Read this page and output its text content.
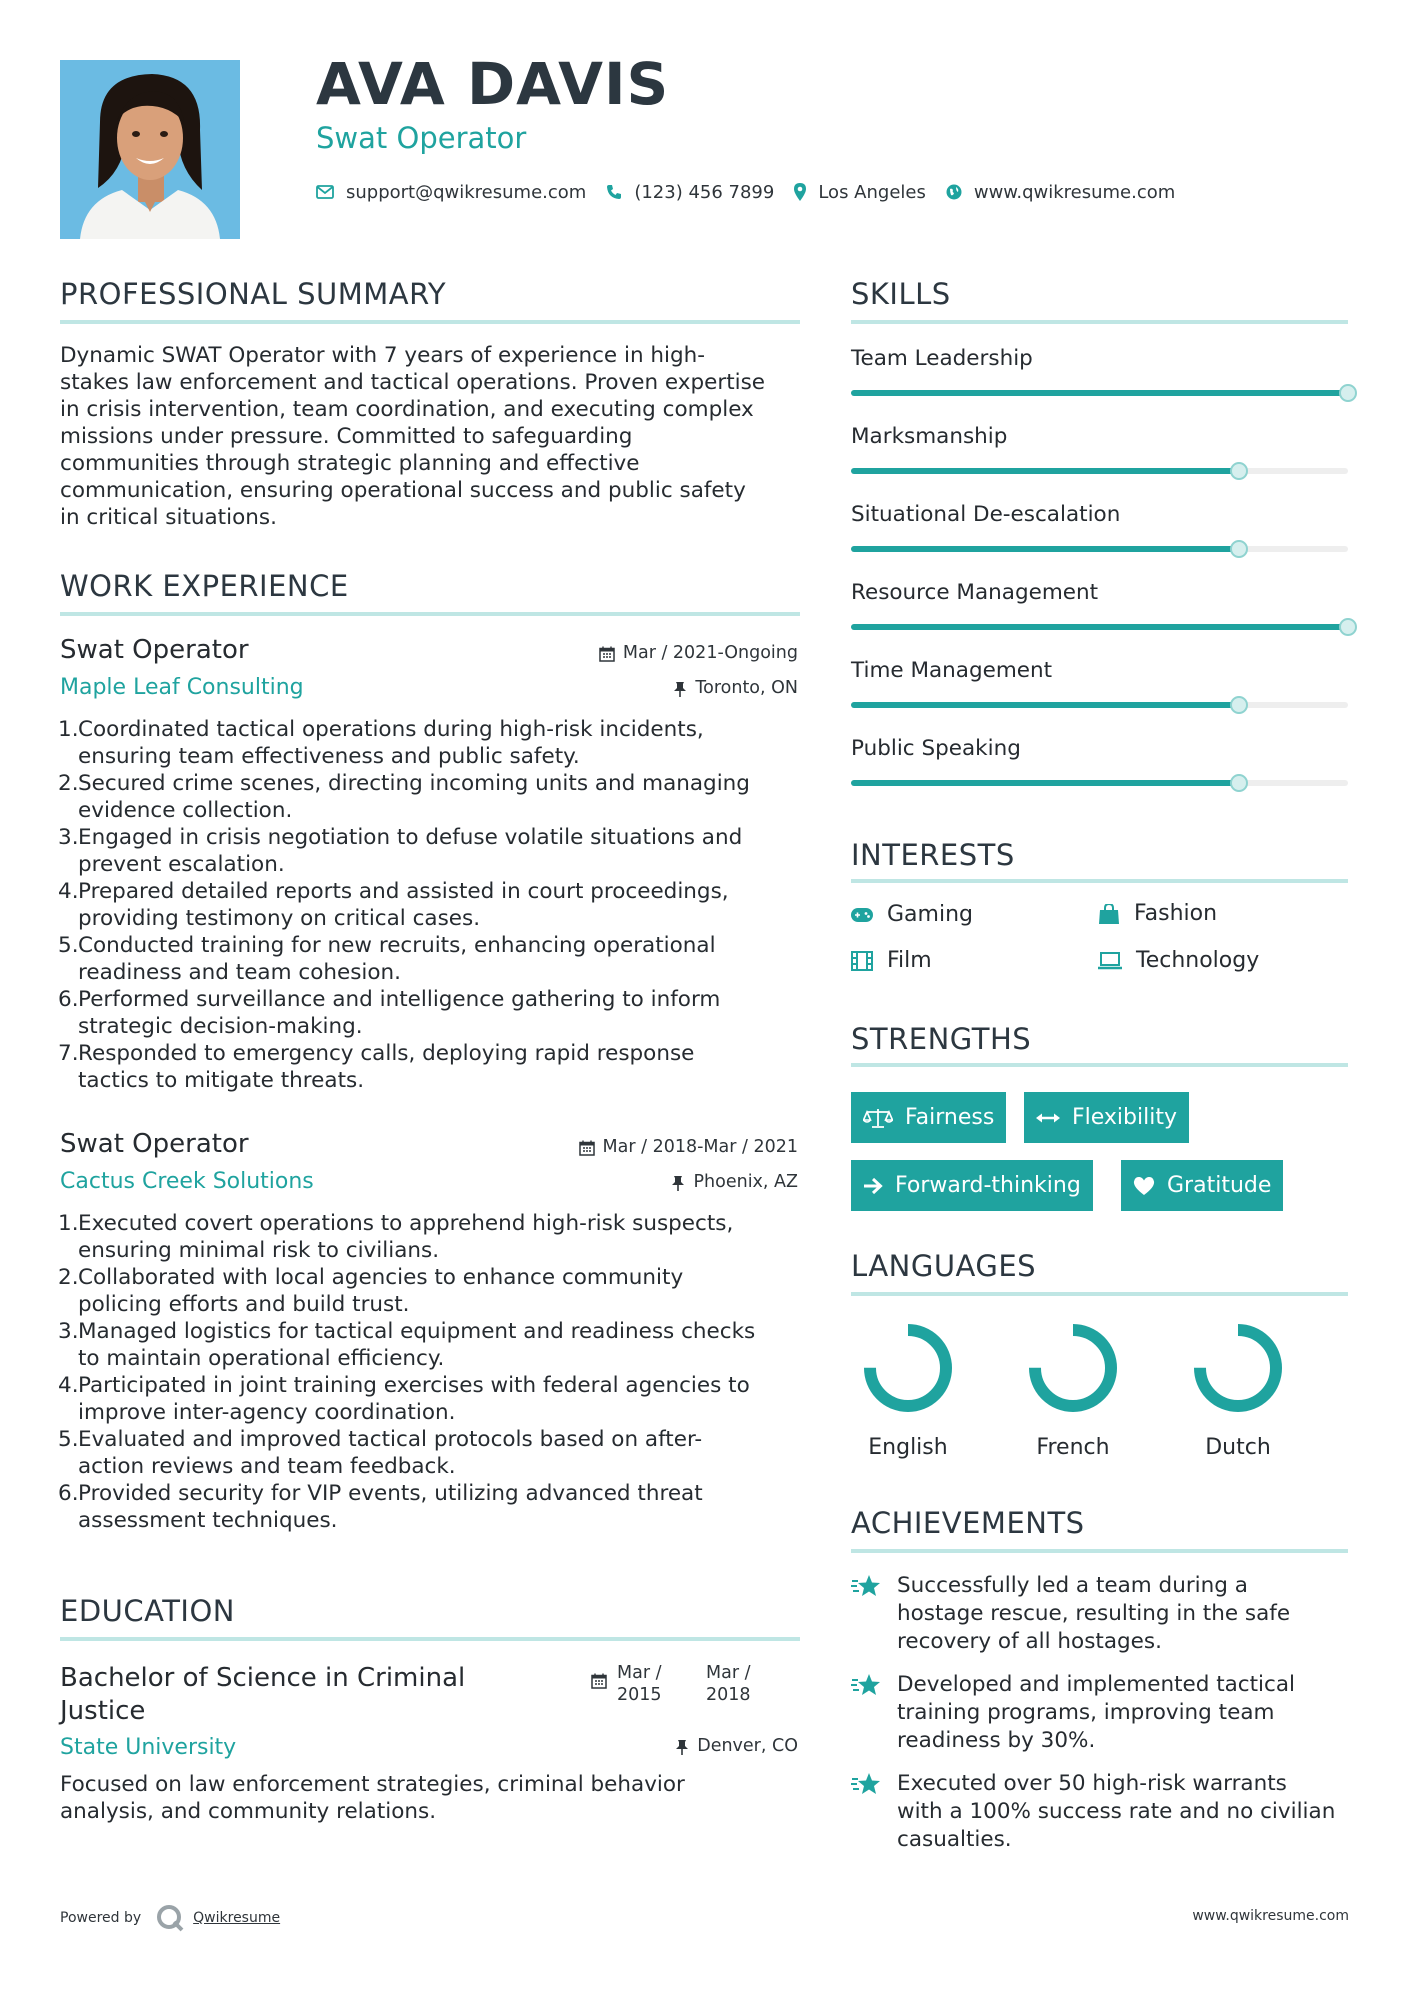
AVA DAVIS
Swat Operator
support@qwikresume.com	(123) 456 7899 Los Angeles	www.qwikresume.com
PROFESSIONAL SUMMARY
Dynamic SWAT Operator with 7 years of experience in high-
stakes law enforcement and tactical operations. Proven expertise
in crisis intervention, team coordination, and executing complex
missions under pressure. Committed to safeguarding
communities through strategic planning and effective
communication, ensuring operational success and public safety
in critical situations.
WORK EXPERIENCE
Swat Operator
Maple Leaf Consulting
Mar / 2021-Ongoing
Toronto, ON
Coordinated tactical operations during high-risk incidents,
ensuring team effectiveness and public safety.
Secured crime scenes, directing incoming units and managing
evidence collection.
Engaged in crisis negotiation to defuse volatile situations and
prevent escalation.
Prepared detailed reports and assisted in court proceedings,
providing testimony on critical cases.
Conducted training for new recruits, enhancing operational
readiness and team cohesion.
Performed surveillance and intelligence gathering to inform
strategic decision-making.
Responded to emergency calls, deploying rapid response
tactics to mitigate threats.
Swat Operator
Cactus Creek Solutions
Mar / 2018-Mar / 2021
Phoenix, AZ
Executed covert operations to apprehend high-risk suspects,
ensuring minimal risk to civilians.
Collaborated with local agencies to enhance community
policing efforts and build trust.
Managed logistics for tactical equipment and readiness checks
to maintain operational efficiency.
Participated in joint training exercises with federal agencies to
improve inter-agency coordination.
Evaluated and improved tactical protocols based on after-
action reviews and team feedback.
Provided security for VIP events, utilizing advanced threat
assessment techniques.
EDUCATION
Bachelor of Science in Criminal
Justice
Mar /
2015
Mar /
2018
State University	Denver, CO
Focused on law enforcement strategies, criminal behavior
analysis, and community relations.
SKILLS
Team Leadership
Marksmanship
Situational De-escalation
Resource Management
Time Management
Public Speaking
INTERESTS
Gaming	Fashion
Film	Technology
STRENGTHS
Fairness	Flexibility
Forward-thinking	Gratitude
LANGUAGES
English	French	Dutch
ACHIEVEMENTS
Successfully led a team during a
hostage rescue, resulting in the safe
recovery of all hostages.
Developed and implemented tactical
training programs, improving team
readiness by 30%.
Executed over 50 high-risk warrants
with a 100% success rate and no civilian
casualties.
Powered by	Qwikresume	www.qwikresume.com
